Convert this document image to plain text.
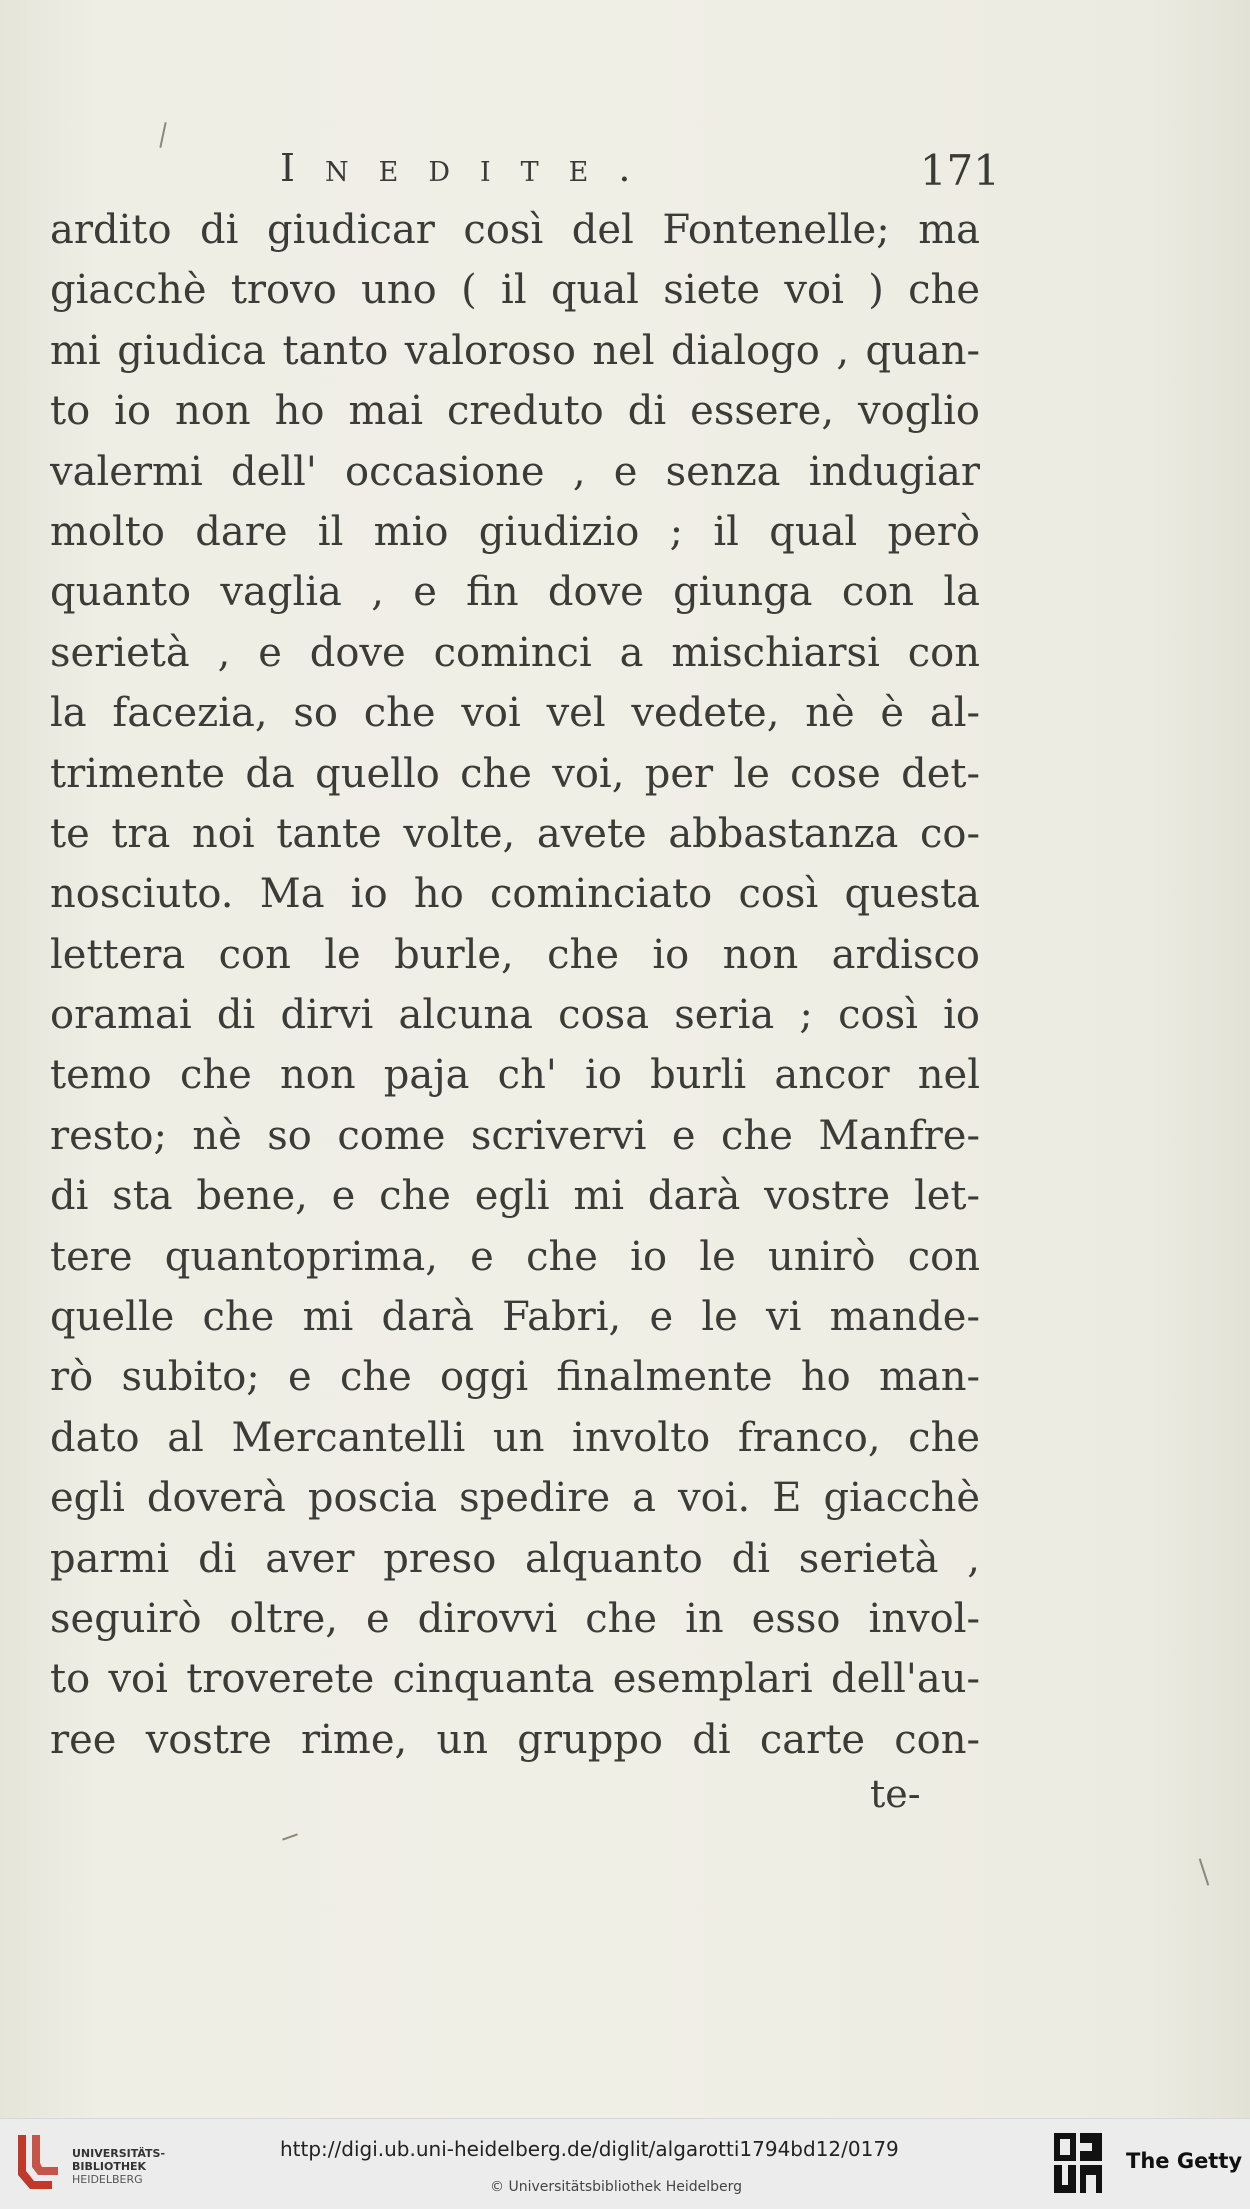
Inedite.	171
ardito di giudicar così del Fontenelle; ma
giacchè trovo uno ( il qual siete voi ) che
mi giudica tanto valoroso nel dialogo , quan-
to io non ho mai creduto di essere, voglio
valermi dell' occasione , e senza indugiar
molto dare il mio giudizio ; il qual però
quanto vaglia , e fin dove giunga con la
serietà , e dove cominci a mischiarsi con
la facezia, so che voi vel vedete, nè è al-
trimente da quello che voi, per le cose det-
te tra noi tante volte, avete abbastanza co-
nosciuto. Ma io ho cominciato così questa
lettera con le burle, che io non ardisco
oramai di dirvi alcuna cosa seria ; così io
temo che non paja ch' io burli ancor nel
resto; nè so come scrivervi e che Manfre-
di sta bene, e che egli mi darà vostre let-
tere quantoprima, e che io le unirò con
quelle che mi darà Fabri, e le vi mande-
rò subito; e che oggi finalmente ho man-
dato al Mercantelli un involto franco, che
egli doverà poscia spedire a voi. E giacchè
parmi di aver preso alquanto di serietà ,
seguirò oltre, e dirovvi che in esso invol-
to voi troverete cinquanta esemplari dell'au-
ree vostre rime, un gruppo di carte con-
te-
UNIVERSITÄTS-
BIBLIOTHEK
HEIDELBERG
http://digi.ub.uni-heidelberg.de/diglit/algarotti1794bd12/0179
© Universitätsbibliothek Heidelberg
The Getty
